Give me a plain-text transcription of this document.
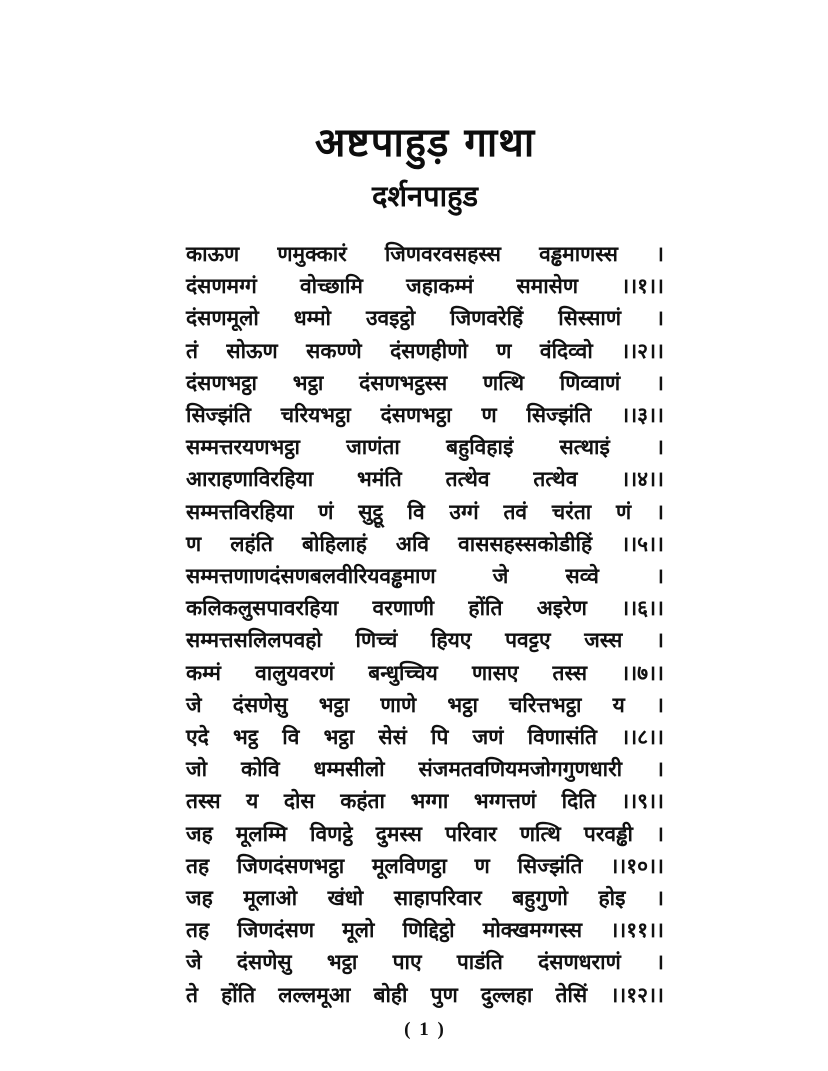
अष्टपाहुड़ गाथा
दर्शनपाहुड
काऊण णमुक्कारं जिणवरवसहस्स वड्ढमाणस्स ।
दंसणमग्गं वोच्छामि जहाकम्मं समासेण ।।१।।
दंसणमूलो धम्मो उवइट्ठो जिणवरेहिं सिस्साणं ।
तं सोऊण सकण्णे दंसणहीणो ण वंदिव्वो ।।२।।
दंसणभट्ठा भट्ठा दंसणभट्ठस्स णत्थि णिव्वाणं ।
सिज्झंति चरियभट्ठा दंसणभट्ठा ण सिज्झंति ।।३।।
सम्मत्तरयणभट्ठा जाणंता बहुविहाइं सत्थाइं ।
आराहणाविरहिया भमंति तत्थेव तत्थेव ।।४।।
सम्मत्तविरहिया णं सुट्ठू वि उग्गं तवं चरंता णं ।
ण लहंति बोहिलाहं अवि वाससहस्सकोडीहिं ।।५।।
सम्मत्तणाणदंसणबलवीरियवड्ढमाण जे सव्वे ।
कलिकलुसपावरहिया वरणाणी होंति अइरेण ।।६।।
सम्मत्तसलिलपवहो णिच्चं हियए पवट्टए जस्स ।
कम्मं वालुयवरणं बन्धुच्चिय णासए तस्स ।।७।।
जे दंसणेसु भट्ठा णाणे भट्ठा चरित्तभट्ठा य ।
एदे भट्ठ वि भट्ठा सेसं पि जणं विणासंति ।।८।।
जो कोवि धम्मसीलो संजमतवणियमजोगगुणधारी ।
तस्स य दोस कहंता भग्गा भग्गत्तणं दिति ।।९।।
जह मूलम्मि विणट्ठे दुमस्स परिवार णत्थि परवड्ढी ।
तह जिणदंसणभट्ठा मूलविणट्ठा ण सिज्झंति ।।१०।।
जह मूलाओ खंधो साहापरिवार बहुगुणो होइ ।
तह जिणदंसण मूलो णिद्दिट्ठो मोक्खमग्गस्स ।।११।।
जे दंसणेसु भट्ठा पाए पाडंति दंसणधराणं ।
ते होंति लल्लमूआ बोही पुण दुल्लहा तेसिं ।।१२।।
( 1 )
